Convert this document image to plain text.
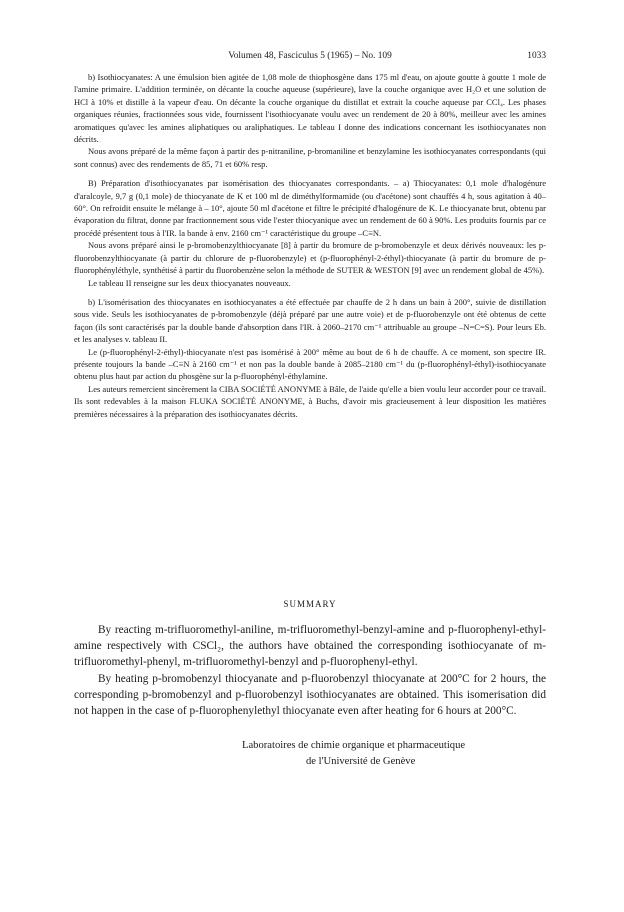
Volumen 48, Fasciculus 5 (1965) – No. 109	1033

b) Isothiocyanates: A une émulsion bien agitée de 1,08 mole de thiophosgène dans 175 ml d'eau, on ajoute goutte à goutte 1 mole de l'amine primaire. L'addition terminée, on décante la couche aqueuse (supérieure), lave la couche organique avec H₂O et une solution de HCl à 10% et distille à la vapeur d'eau. On décante la couche organique du distillat et extrait la couche aqueuse par CCl₄. Les phases organiques réunies, fractionnées sous vide, fournissent l'isothiocyanate voulu avec un rendement de 20 à 80%, meilleur avec les amines aromatiques qu'avec les amines aliphatiques ou araliphatiques. Le tableau I donne des indications concernant les isothiocyanates non décrits.

Nous avons préparé de la même façon à partir des p-nitraniline, p-bromaniline et benzylamine les isothiocyanates correspondants (qui sont connus) avec des rendements de 85, 71 et 60% resp.

B) Préparation d'isothiocyanates par isomérisation des thiocyanates correspondants. – a) Thiocyanates: 0,1 mole d'halogénure d'aralcoyle, 9,7 g (0,1 mole) de thiocyanate de K et 100 ml de diméthylformamide (ou d'acétone) sont chauffés 4 h, sous agitation à 40–60°. On refroidit ensuite le mélange à – 10°, ajoute 50 ml d'acétone et filtre le précipité d'halogénure de K. Le thiocyanate brut, obtenu par évaporation du filtrat, donne par fractionnement sous vide l'ester thiocyanique avec un rendement de 60 à 90%. Les produits fournis par ce procédé présentent tous à l'IR. la bande à env. 2160 cm⁻¹ caractéristique du groupe –C≡N.

Nous avons préparé ainsi le p-bromobenzylthiocyanate [8] à partir du bromure de p-bromobenzyle et deux dérivés nouveaux: les p-fluorobenzylthiocyanate (à partir du chlorure de p-fluorobenzyle) et (p-fluorophényl-2-éthyl)-thiocyanate (à partir du bromure de p-fluorophényléthyle, synthétisé à partir du fluorobenzène selon la méthode de SUTER & WESTON [9] avec un rendement global de 45%).

Le tableau II renseigne sur les deux thiocyanates nouveaux.

b) L'isomérisation des thiocyanates en isothiocyanates a été effectuée par chauffe de 2 h dans un bain à 200°, suivie de distillation sous vide. Seuls les isothiocyanates de p-bromobenzyle (déjà préparé par une autre voie) et de p-fluorobenzyle ont été obtenus de cette façon (ils sont caractérisés par la double bande d'absorption dans l'IR. à 2060–2170 cm⁻¹ attribuable au groupe –N=C=S). Pour leurs Eb. et les analyses v. tableau II.

Le (p-fluorophényl-2-éthyl)-thiocyanate n'est pas isomérisé à 200° même au bout de 6 h de chauffe. A ce moment, son spectre IR. présente toujours la bande –C≡N à 2160 cm⁻¹ et non pas la double bande à 2085–2180 cm⁻¹ du (p-fluorophényl-éthyl)-isothiocyanate obtenu plus haut par action du phosgène sur la p-fluorophényl-éthylamine.

Les auteurs remercient sincèrement la CIBA SOCIÉTÉ ANONYME à Bâle, de l'aide qu'elle a bien voulu leur accorder pour ce travail. Ils sont redevables à la maison FLUKA SOCIÉTÉ ANONYME, à Buchs, d'avoir mis gracieusement à leur disposition les matières premières nécessaires à la préparation des isothiocyanates décrits.

SUMMARY

By reacting m-trifluoromethyl-aniline, m-trifluoromethyl-benzyl-amine and p-fluorophenyl-ethyl-amine respectively with CSCl₂, the authors have obtained the corresponding isothiocyanate of m-trifluoromethyl-phenyl, m-trifluoromethyl-benzyl and p-fluorophenyl-ethyl.

By heating p-bromobenzyl thiocyanate and p-fluorobenzyl thiocyanate at 200°C for 2 hours, the corresponding p-bromobenzyl and p-fluorobenzyl isothiocyanates are obtained. This isomerisation did not happen in the case of p-fluorophenylethyl thiocyanate even after heating for 6 hours at 200°C.

Laboratoires de chimie organique et pharmaceutique
de l'Université de Genève
